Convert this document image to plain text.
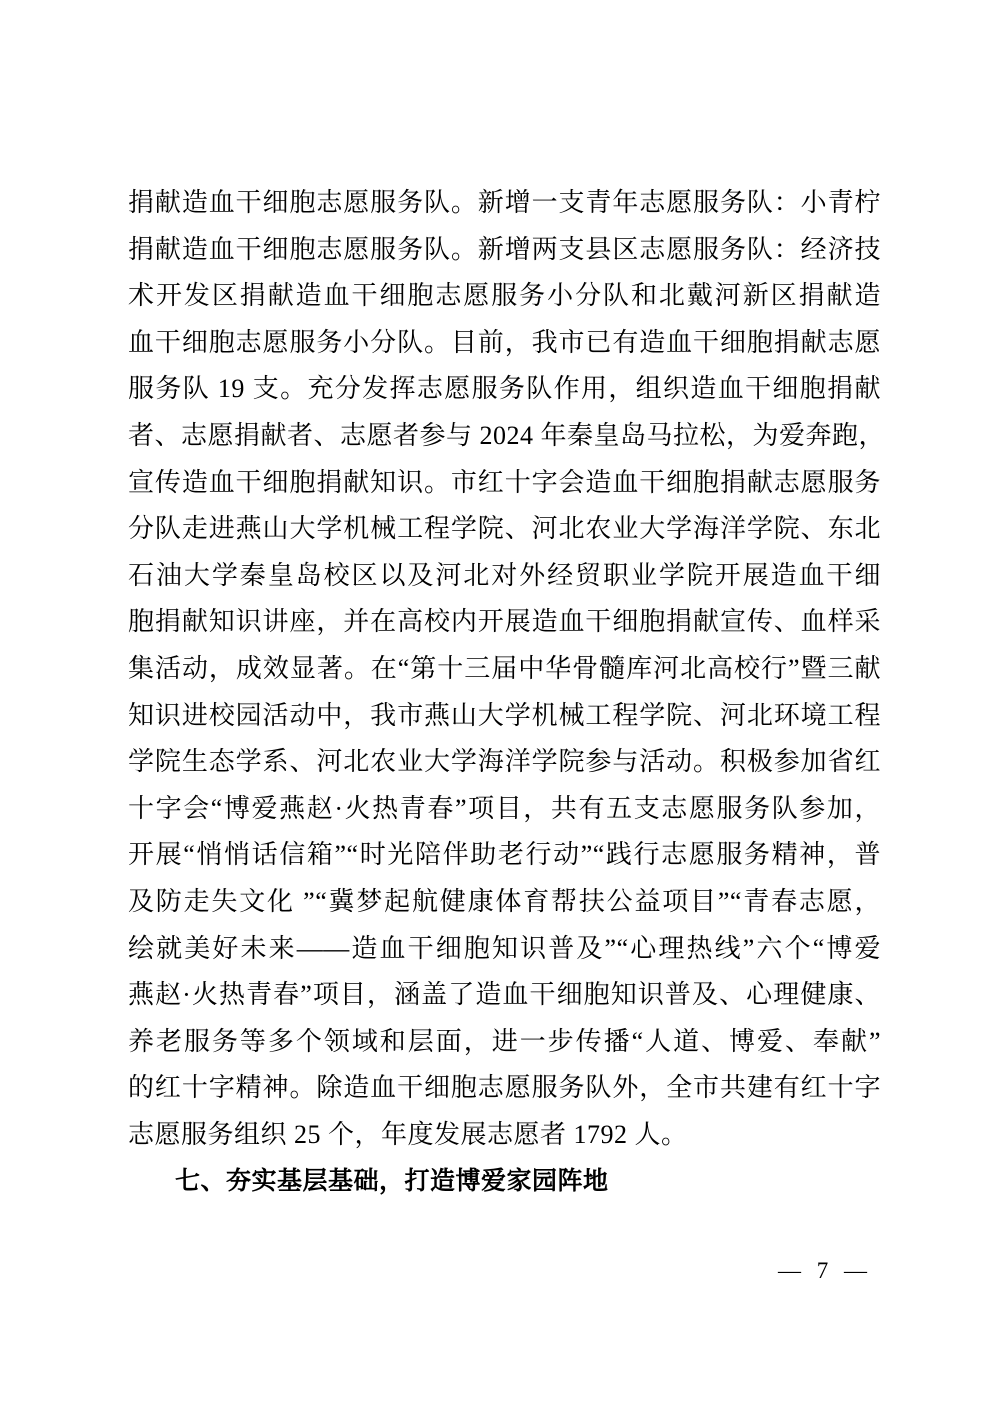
捐献造血干细胞志愿服务队。新增一支青年志愿服务队：小青柠
捐献造血干细胞志愿服务队。新增两支县区志愿服务队：经济技
术开发区捐献造血干细胞志愿服务小分队和北戴河新区捐献造
血干细胞志愿服务小分队。目前，我市已有造血干细胞捐献志愿
服务队 19 支。充分发挥志愿服务队作用，组织造血干细胞捐献
者、志愿捐献者、志愿者参与 2024 年秦皇岛马拉松，为爱奔跑，
宣传造血干细胞捐献知识。市红十字会造血干细胞捐献志愿服务
分队走进燕山大学机械工程学院、河北农业大学海洋学院、东北
石油大学秦皇岛校区以及河北对外经贸职业学院开展造血干细
胞捐献知识讲座，并在高校内开展造血干细胞捐献宣传、血样采
集活动，成效显著。在“第十三届中华骨髓库河北高校行”暨三献
知识进校园活动中，我市燕山大学机械工程学院、河北环境工程
学院生态学系、河北农业大学海洋学院参与活动。积极参加省红
十字会“博爱燕赵·火热青春”项目，共有五支志愿服务队参加，
开展“悄悄话信箱”“时光陪伴助老行动”“践行志愿服务精神，普
及防走失文化 ”“冀梦起航健康体育帮扶公益项目”“青春志愿，
绘就美好未来——造血干细胞知识普及”“心理热线”六个“博爱
燕赵·火热青春”项目，涵盖了造血干细胞知识普及、心理健康、
养老服务等多个领域和层面，进一步传播“人道、博爱、奉献”
的红十字精神。除造血干细胞志愿服务队外，全市共建有红十字
志愿服务组织 25 个，年度发展志愿者 1792 人。
七、夯实基层基础，打造博爱家园阵地
— 7 —
